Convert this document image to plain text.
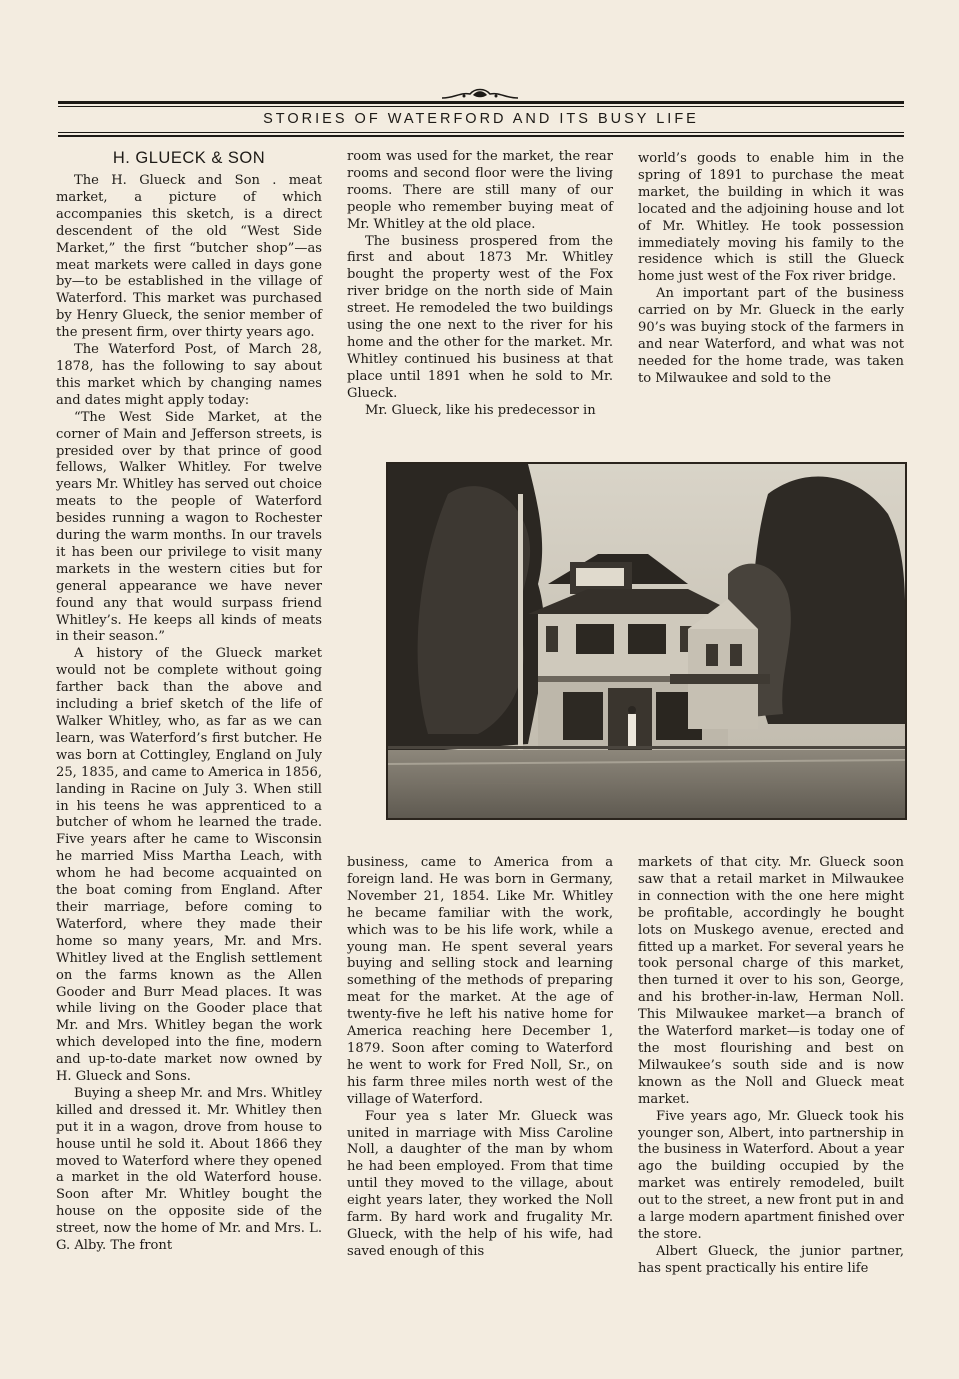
STORIES OF WATERFORD AND ITS BUSY LIFE
H. GLUECK & SON

The H. Glueck and Son . meat market, a picture of which accompanies this sketch, is a direct descendent of the old “West Side Market,” the first “butcher shop”—as meat markets were called in days gone by—to be established in the village of Waterford. This market was purchased by Henry Glueck, the senior member of the present firm, over thirty years ago.

The Waterford Post, of March 28, 1878, has the following to say about this market which by changing names and dates might apply today:

“The West Side Market, at the corner of Main and Jefferson streets, is presided over by that prince of good fellows, Walker Whitley. For twelve years Mr. Whitley has served out choice meats to the people of Waterford besides running a wagon to Rochester during the warm months. In our travels it has been our privilege to visit many markets in the western cities but for general appearance we have never found any that would surpass friend Whitley’s. He keeps all kinds of meats in their season.”

A history of the Glueck market would not be complete without going farther back than the above and including a brief sketch of the life of Walker Whitley, who, as far as we can learn, was Waterford’s first butcher. He was born at Cottingley, England on July 25, 1835, and came to America in 1856, landing in Racine on July 3. When still in his teens he was apprenticed to a butcher of whom he learned the trade. Five years after he came to Wisconsin he married Miss Martha Leach, with whom he had become acquainted on the boat coming from England. After their marriage, before coming to Waterford, where they made their home so many years, Mr. and Mrs. Whitley lived at the English settlement on the farms known as the Allen Gooder and Burr Mead places. It was while living on the Gooder place that Mr. and Mrs. Whitley began the work which developed into the fine, modern and up-to-date market now owned by H. Glueck and Sons.

Buying a sheep Mr. and Mrs. Whitley killed and dressed it. Mr. Whitley then put it in a wagon, drove from house to house until he sold it. About 1866 they moved to Waterford where they opened a market in the old Waterford house. Soon after Mr. Whitley bought the house on the opposite side of the street, now the home of Mr. and Mrs. L. G. Alby. The front

room was used for the market, the rear rooms and second floor were the living rooms. There are still many of our people who remember buying meat of Mr. Whitley at the old place.

The business prospered from the first and about 1873 Mr. Whitley bought the property west of the Fox river bridge on the north side of Main street. He remodeled the two buildings using the one next to the river for his home and the other for the market. Mr. Whitley continued his business at that place until 1891 when he sold to Mr. Glueck.

Mr. Glueck, like his predecessor in

world’s goods to enable him in the spring of 1891 to purchase the meat market, the building in which it was located and the adjoining house and lot of Mr. Whitley. He took possession immediately moving his family to the residence which is still the Glueck home just west of the Fox river bridge.

An important part of the business carried on by Mr. Glueck in the early 90’s was buying stock of the farmers in and near Waterford, and what was not needed for the home trade, was taken to Milwaukee and sold to the

business, came to America from a foreign land. He was born in Germany, November 21, 1854. Like Mr. Whitley he became familiar with the work, which was to be his life work, while a young man. He spent several years buying and selling stock and learning something of the methods of preparing meat for the market. At the age of twenty-five he left his native home for America reaching here December 1, 1879. Soon after coming to Waterford he went to work for Fred Noll, Sr., on his farm three miles north west of the village of Waterford.

Four yea s later Mr. Glueck was united in marriage with Miss Caroline Noll, a daughter of the man by whom he had been employed. From that time until they moved to the village, about eight years later, they worked the Noll farm. By hard work and frugality Mr. Glueck, with the help of his wife, had saved enough of this

markets of that city. Mr. Glueck soon saw that a retail market in Milwaukee in connection with the one here might be profitable, accordingly he bought lots on Muskego avenue, erected and fitted up a market. For several years he took personal charge of this market, then turned it over to his son, George, and his brother-in-law, Herman Noll. This Milwaukee market—a branch of the Waterford market—is today one of the most flourishing and best on Milwaukee’s south side and is now known as the Noll and Glueck meat market.

Five years ago, Mr. Glueck took his younger son, Albert, into partnership in the business in Waterford. About a year ago the building occupied by the market was entirely remodeled, built out to the street, a new front put in and a large modern apartment finished over the store.

Albert Glueck, the junior partner, has spent practically his entire life
